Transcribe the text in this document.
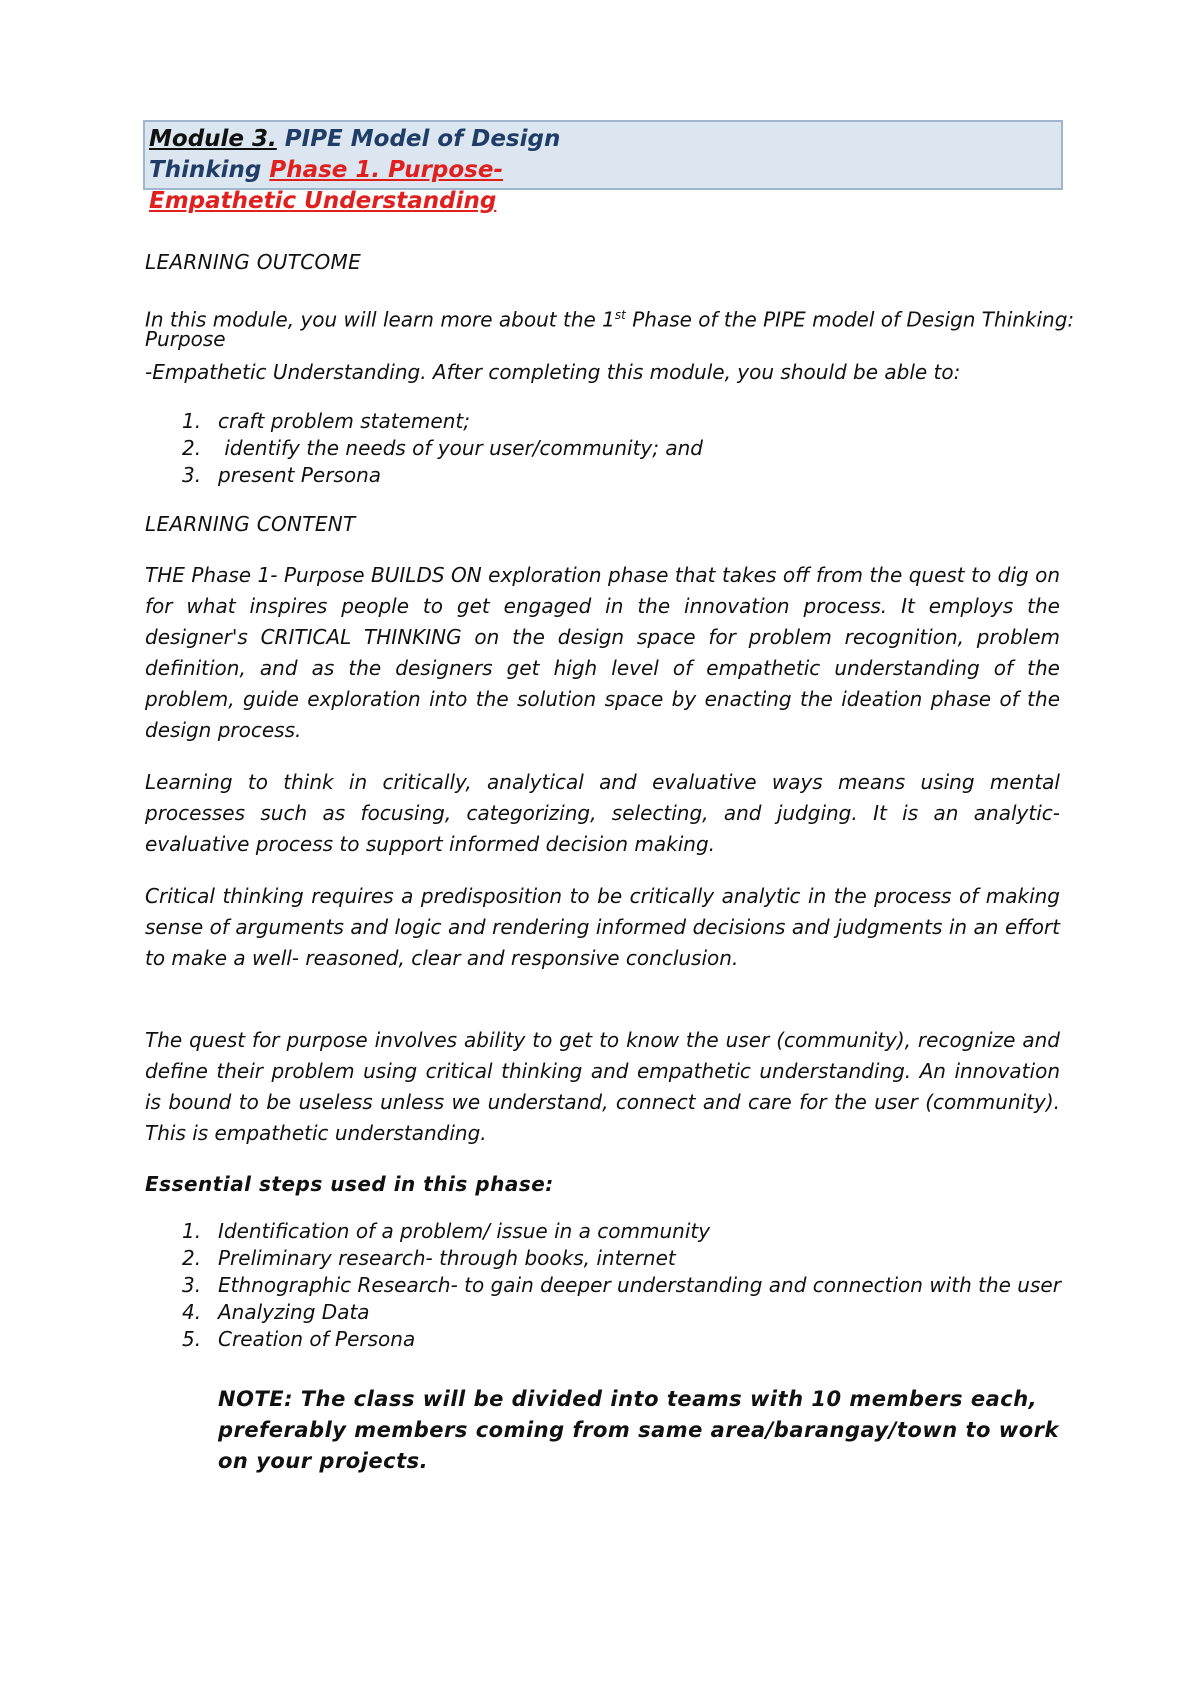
Module 3. PIPE Model of Design
Thinking Phase 1. Purpose-
Empathetic Understanding
LEARNING OUTCOME
In this module, you will learn more about the 1st Phase of the PIPE model of Design Thinking:
Purpose
-Empathetic Understanding. After completing this module, you should be able to:
1. craft problem statement;
2. identify the needs of your user/community; and
3. present Persona
LEARNING CONTENT
THE Phase 1- Purpose BUILDS ON exploration phase that takes off from the quest to dig on for what inspires people to get engaged in the innovation process. It employs the designer's CRITICAL THINKING on the design space for problem recognition, problem definition, and as the designers get high level of empathetic understanding of the problem, guide exploration into the solution space by enacting the ideation phase of the design process.
Learning to think in critically, analytical and evaluative ways means using mental processes such as focusing, categorizing, selecting, and judging. It is an analytic-evaluative process to support informed decision making.
Critical thinking requires a predisposition to be critically analytic in the process of making sense of arguments and logic and rendering informed decisions and judgments in an effort to make a well- reasoned, clear and responsive conclusion.
The quest for purpose involves ability to get to know the user (community), recognize and define their problem using critical thinking and empathetic understanding. An innovation is bound to be useless unless we understand, connect and care for the user (community). This is empathetic understanding.
Essential steps used in this phase:
1. Identification of a problem/ issue in a community
2. Preliminary research- through books, internet
3. Ethnographic Research- to gain deeper understanding and connection with the user
4. Analyzing Data
5. Creation of Persona
NOTE: The class will be divided into teams with 10 members each, preferably members coming from same area/barangay/town to work on your projects.
